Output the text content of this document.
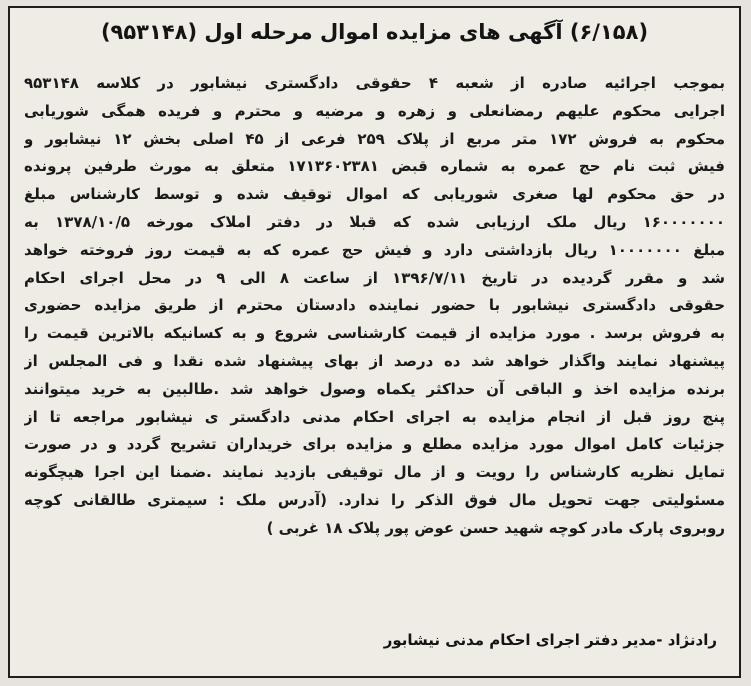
(۶/۱۵۸) آگهی های مزایده اموال مرحله اول (۹۵۳۱۴۸)
بموجب اجرائیه صادره از شعبه ۴ حقوقی دادگستری نیشابور در کلاسه ۹۵۳۱۴۸
اجرایی محکوم علیهم رمضانعلی و زهره و مرضیه و محترم و فریده همگی شوریابی
محکوم به فروش ۱۷۲ متر مربع از پلاک ۲۵۹ فرعی از ۴۵ اصلی بخش ۱۲ نیشابور و
فیش ثبت نام حج عمره به شماره قبض ۱۷۱۳۶۰۲۳۸۱ متعلق به مورث طرفین پرونده
در حق محکوم لها صغری شوریابی که اموال توقیف شده و توسط کارشناس مبلغ
۱۶۰۰۰۰۰۰۰ ریال ملک ارزیابی شده که قبلا در دفتر املاک مورخه ۱۳۷۸/۱۰/۵ به
مبلغ ۱۰۰۰۰۰۰۰ ریال بازداشتی دارد و فیش حج عمره که به قیمت روز فروخته خواهد
شد و مقرر گردیده در تاریخ ۱۳۹۶/۷/۱۱ از ساعت ۸ الی ۹ در محل اجرای احکام
حقوقی دادگستری نیشابور با حضور نماینده دادستان محترم از طریق مزایده حضوری
به فروش برسد . مورد مزایده از قیمت کارشناسی شروع و به کسانیکه بالاترین قیمت را
پیشنهاد نمایند واگذار خواهد شد ده درصد از بهای پیشنهاد شده نقدا و فی المجلس از
برنده مزایده اخذ و الباقی آن حداکثر یکماه وصول خواهد شد .طالبین به خرید میتوانند
پنج روز قبل از انجام مزایده به اجرای احکام مدنی دادگستر ی نیشابور مراجعه تا از
جزئیات کامل اموال مورد مزایده مطلع و مزایده برای خریداران تشریح گردد و در صورت
تمایل نظریه کارشناس را رویت و از مال توقیفی بازدید نمایند .ضمنا این اجرا هیچگونه
مسئولیتی جهت تحویل مال فوق الذکر را ندارد. (آدرس ملک : سیمتری طالقانی کوچه
روبروی پارک مادر کوچه شهید حسن عوض پور پلاک ۱۸ غربی )
رادنژاد -مدیر دفتر اجرای احکام مدنی نیشابور
